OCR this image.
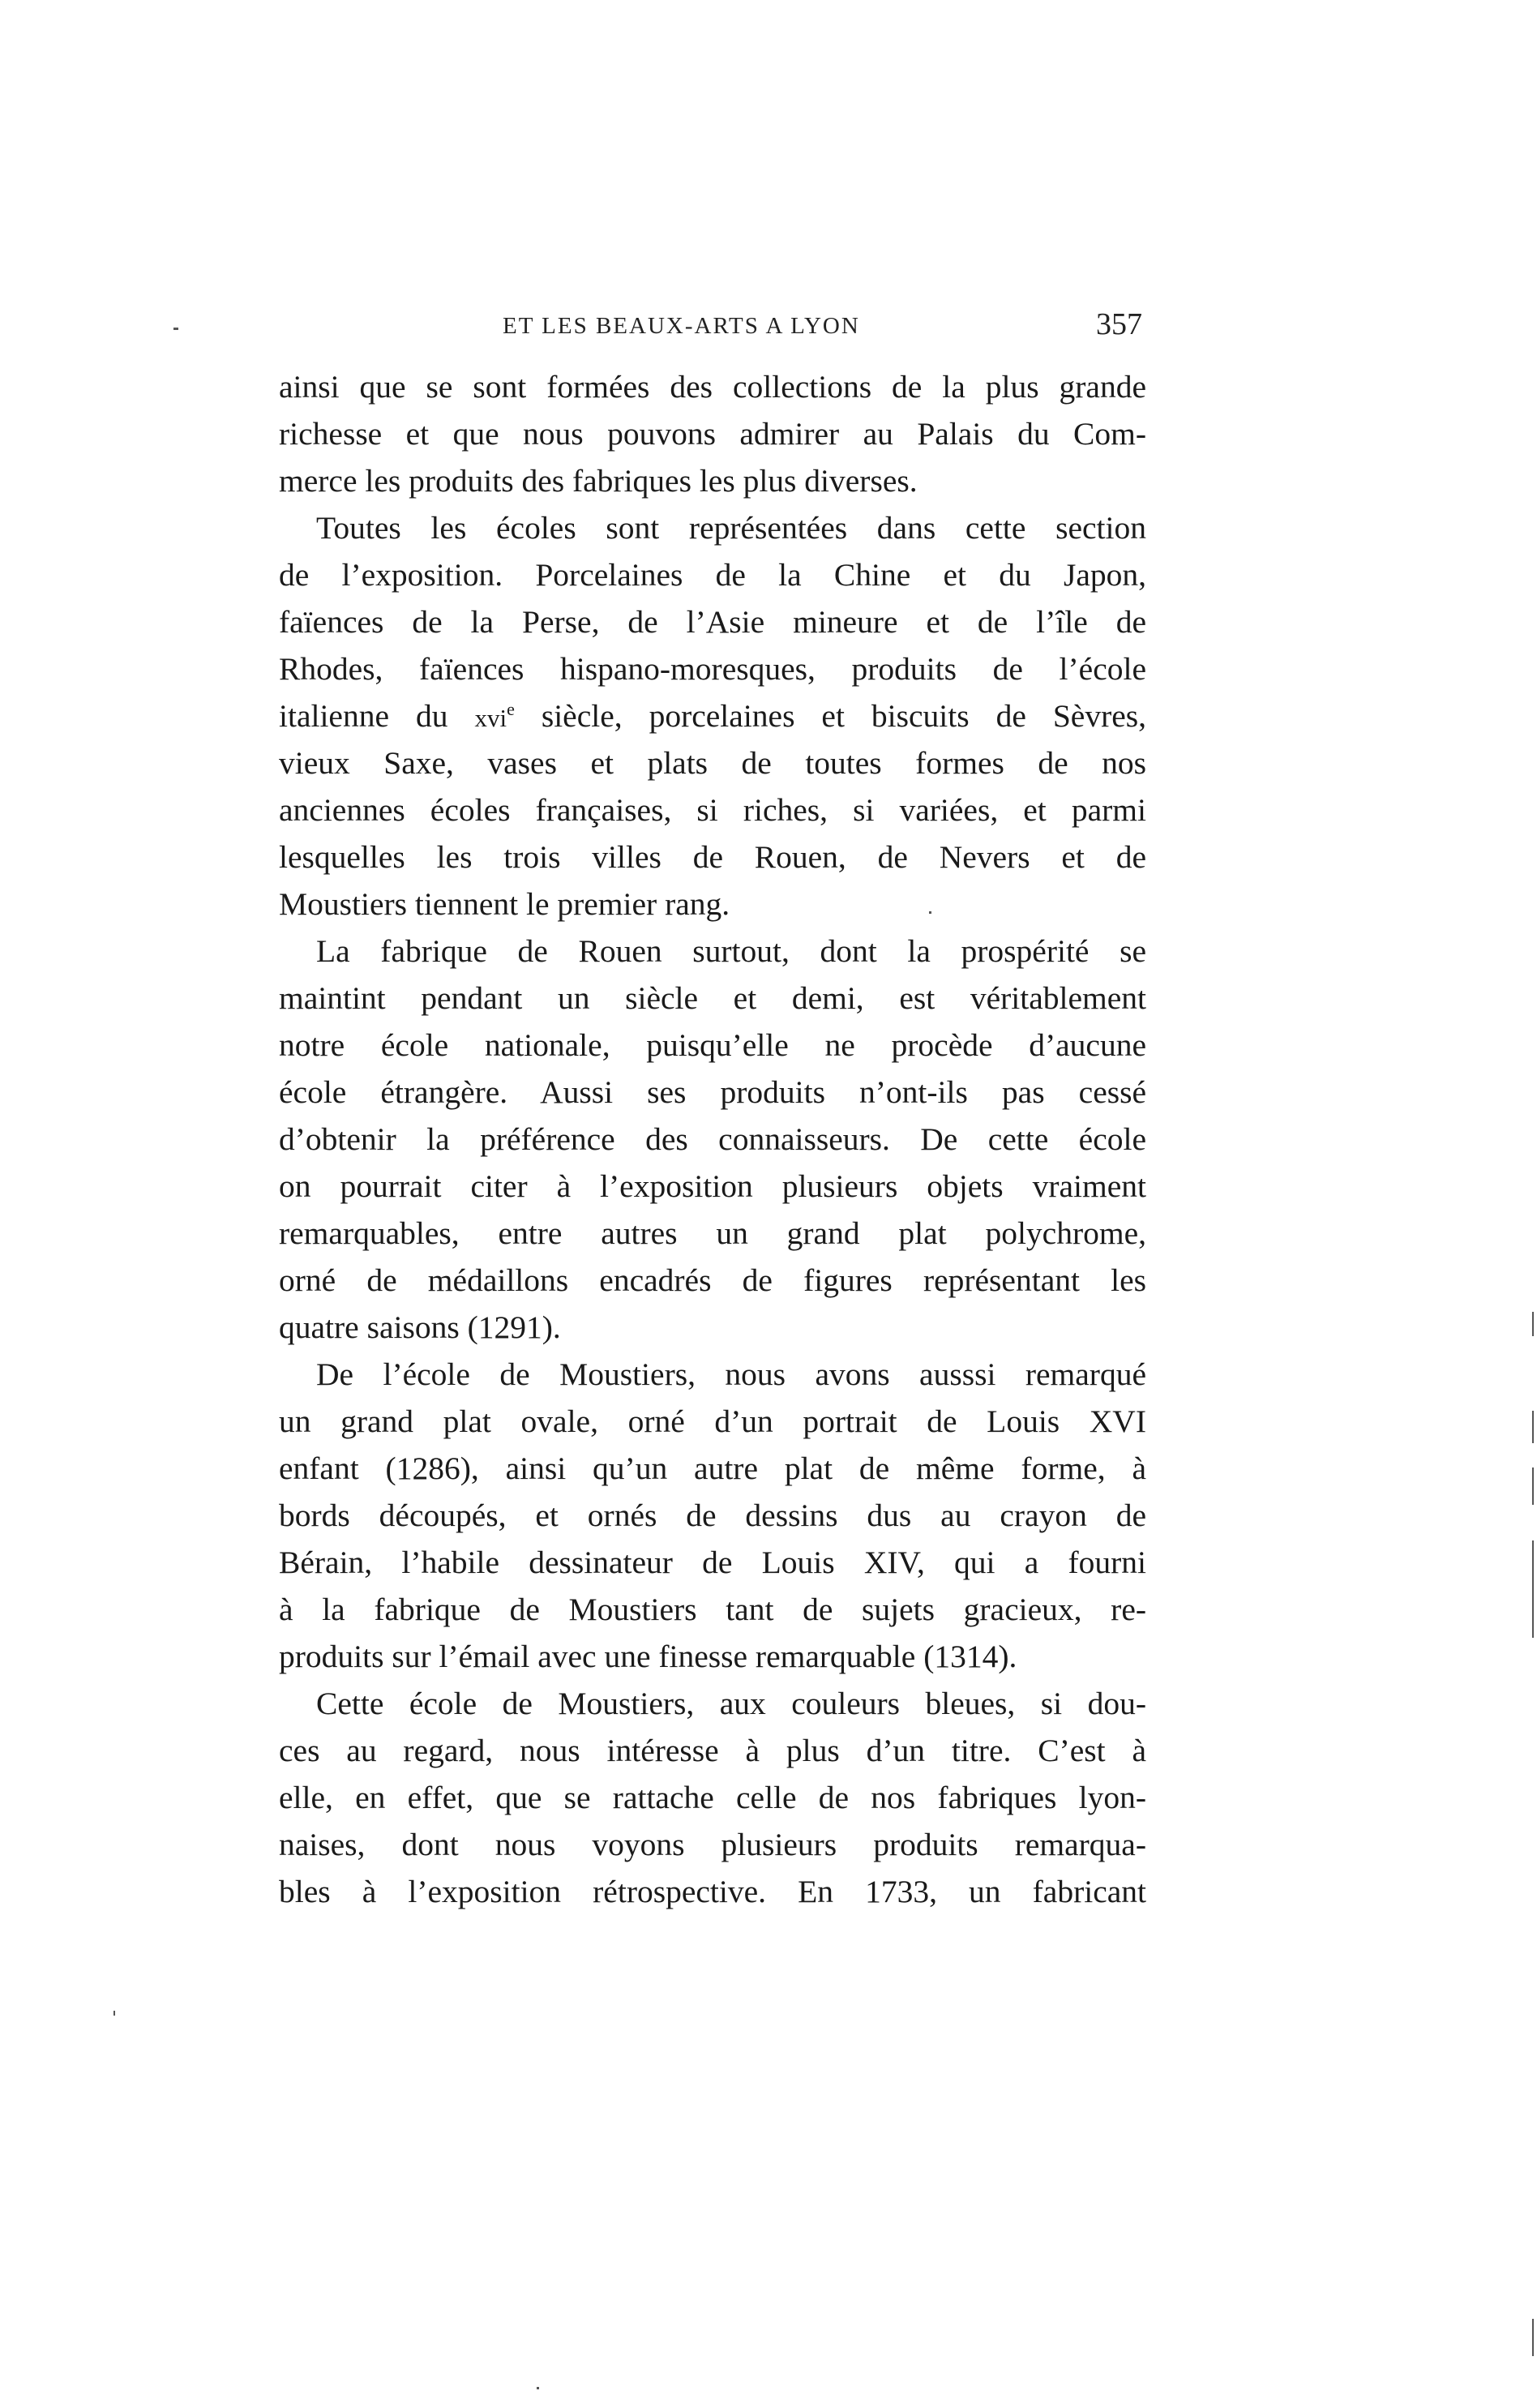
ET LES BEAUX-ARTS A LYON	357
ainsi que se sont formées des collections de la plus grande
richesse et que nous pouvons admirer au Palais du Com-
merce les produits des fabriques les plus diverses.
Toutes les écoles sont représentées dans cette section
de l’exposition. Porcelaines de la Chine et du Japon,
faïences de la Perse, de l’Asie mineure et de l’île de
Rhodes, faïences hispano-moresques, produits de l’école
italienne du xvi$^e$ siècle, porcelaines et biscuits de Sèvres,
vieux Saxe, vases et plats de toutes formes de nos
anciennes écoles françaises, si riches, si variées, et parmi
lesquelles les trois villes de Rouen, de Nevers et de
Moustiers tiennent le premier rang.
La fabrique de Rouen surtout, dont la prospérité se
maintint pendant un siècle et demi, est véritablement
notre école nationale, puisqu’elle ne procède d’aucune
école étrangère. Aussi ses produits n’ont-ils pas cessé
d’obtenir la préférence des connaisseurs. De cette école
on pourrait citer à l’exposition plusieurs objets vraiment
remarquables, entre autres un grand plat polychrome,
orné de médaillons encadrés de figures représentant les
quatre saisons (1291).
De l’école de Moustiers, nous avons ausssi remarqué
un grand plat ovale, orné d’un portrait de Louis XVI
enfant (1286), ainsi qu’un autre plat de même forme, à
bords découpés, et ornés de dessins dus au crayon de
Bérain, l’habile dessinateur de Louis XIV, qui a fourni
à la fabrique de Moustiers tant de sujets gracieux, re-
produits sur l’émail avec une finesse remarquable (1314).
Cette école de Moustiers, aux couleurs bleues, si dou-
ces au regard, nous intéresse à plus d’un titre. C’est à
elle, en effet, que se rattache celle de nos fabriques lyon-
naises, dont nous voyons plusieurs produits remarqua-
bles à l’exposition rétrospective. En 1733, un fabricant
